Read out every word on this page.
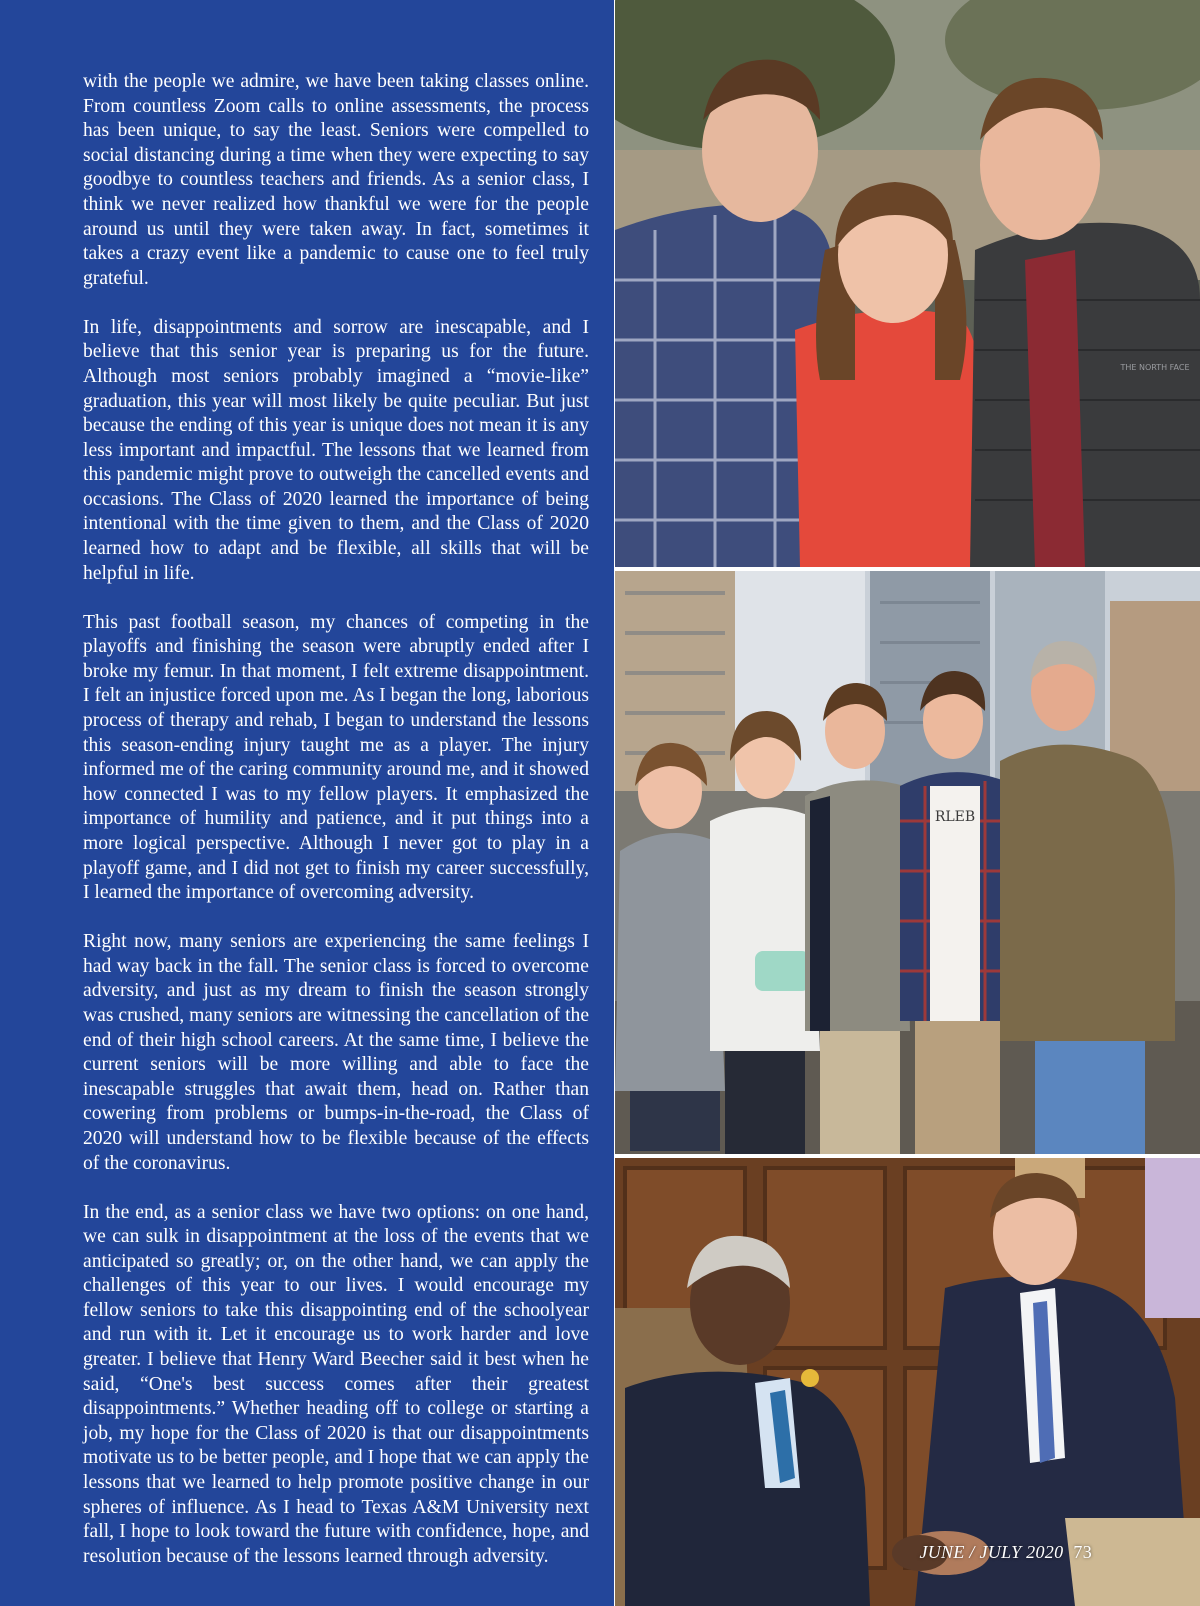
with the people we admire, we have been taking classes online. From countless Zoom calls to online assessments, the process has been unique, to say the least. Seniors were compelled to social distancing during a time when they were expecting to say goodbye to countless teachers and friends. As a senior class, I think we never realized how thankful we were for the people around us until they were taken away. In fact, sometimes it takes a crazy event like a pandemic to cause one to feel truly grateful.

In life, disappointments and sorrow are inescapable, and I believe that this senior year is preparing us for the future. Although most seniors probably imagined a “movie-like” graduation, this year will most likely be quite peculiar. But just because the ending of this year is unique does not mean it is any less important and impactful. The lessons that we learned from this pandemic might prove to outweigh the cancelled events and occasions. The Class of 2020 learned the importance of being intentional with the time given to them, and the Class of 2020 learned how to adapt and be flexible, all skills that will be helpful in life.

This past football season, my chances of competing in the playoffs and finishing the season were abruptly ended after I broke my femur. In that moment, I felt extreme disappointment. I felt an injustice forced upon me. As I began the long, laborious process of therapy and rehab, I began to understand the lessons this season-ending injury taught me as a player. The injury informed me of the caring community around me, and it showed how connected I was to my fellow players. It emphasized the importance of humility and patience, and it put things into a more logical perspective. Although I never got to play in a playoff game, and I did not get to finish my career successfully, I learned the importance of overcoming adversity.

Right now, many seniors are experiencing the same feelings I had way back in the fall. The senior class is forced to overcome adversity, and just as my dream to finish the season strongly was crushed, many seniors are witnessing the cancellation of the end of their high school careers. At the same time, I believe the current seniors will be more willing and able to face the inescapable struggles that await them, head on. Rather than cowering from problems or bumps-in-the-road, the Class of 2020 will understand how to be flexible because of the effects of the coronavirus.

In the end, as a senior class we have two options: on one hand, we can sulk in disappointment at the loss of the events that we anticipated so greatly; or, on the other hand, we can apply the challenges of this year to our lives. I would encourage my fellow seniors to take this disappointing end of the schoolyear and run with it. Let it encourage us to work harder and love greater. I believe that Henry Ward Beecher said it best when he said, “One's best success comes after their greatest disappointments.” Whether heading off to college or starting a job, my hope for the Class of 2020 is that our disappointments motivate us to be better people, and I hope that we can apply the lessons that we learned to help promote positive change in our spheres of influence. As I head to Texas A&M University next fall, I hope to look toward the future with confidence, hope, and resolution because of the lessons learned through adversity.

THE NORTH FACE
RLEB
JUNE / JULY 2020 73
